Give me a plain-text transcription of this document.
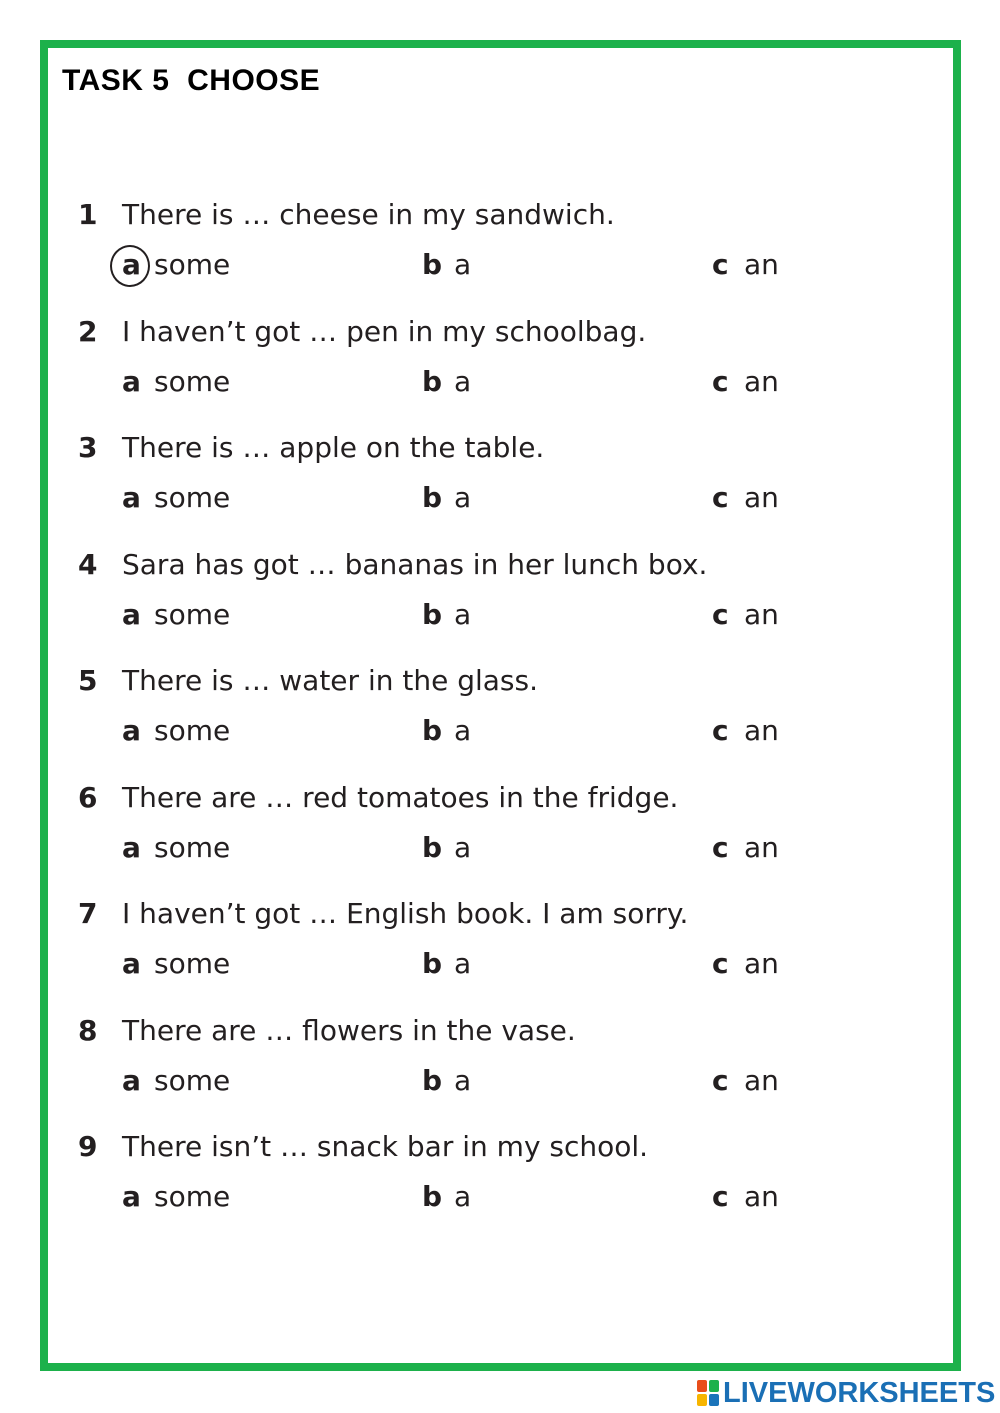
TASK 5  CHOOSE
1 There is … cheese in my sandwich.
a some	b a	c an
2 I haven’t got … pen in my schoolbag.
a some	b a	c an
3 There is … apple on the table.
a some	b a	c an
4 Sara has got … bananas in her lunch box.
a some	b a	c an
5 There is … water in the glass.
a some	b a	c an
6 There are … red tomatoes in the fridge.
a some	b a	c an
7 I haven’t got … English book. I am sorry.
a some	b a	c an
8 There are … flowers in the vase.
a some	b a	c an
9 There isn’t … snack bar in my school.
a some	b a	c an
LIVEWORKSHEETS
